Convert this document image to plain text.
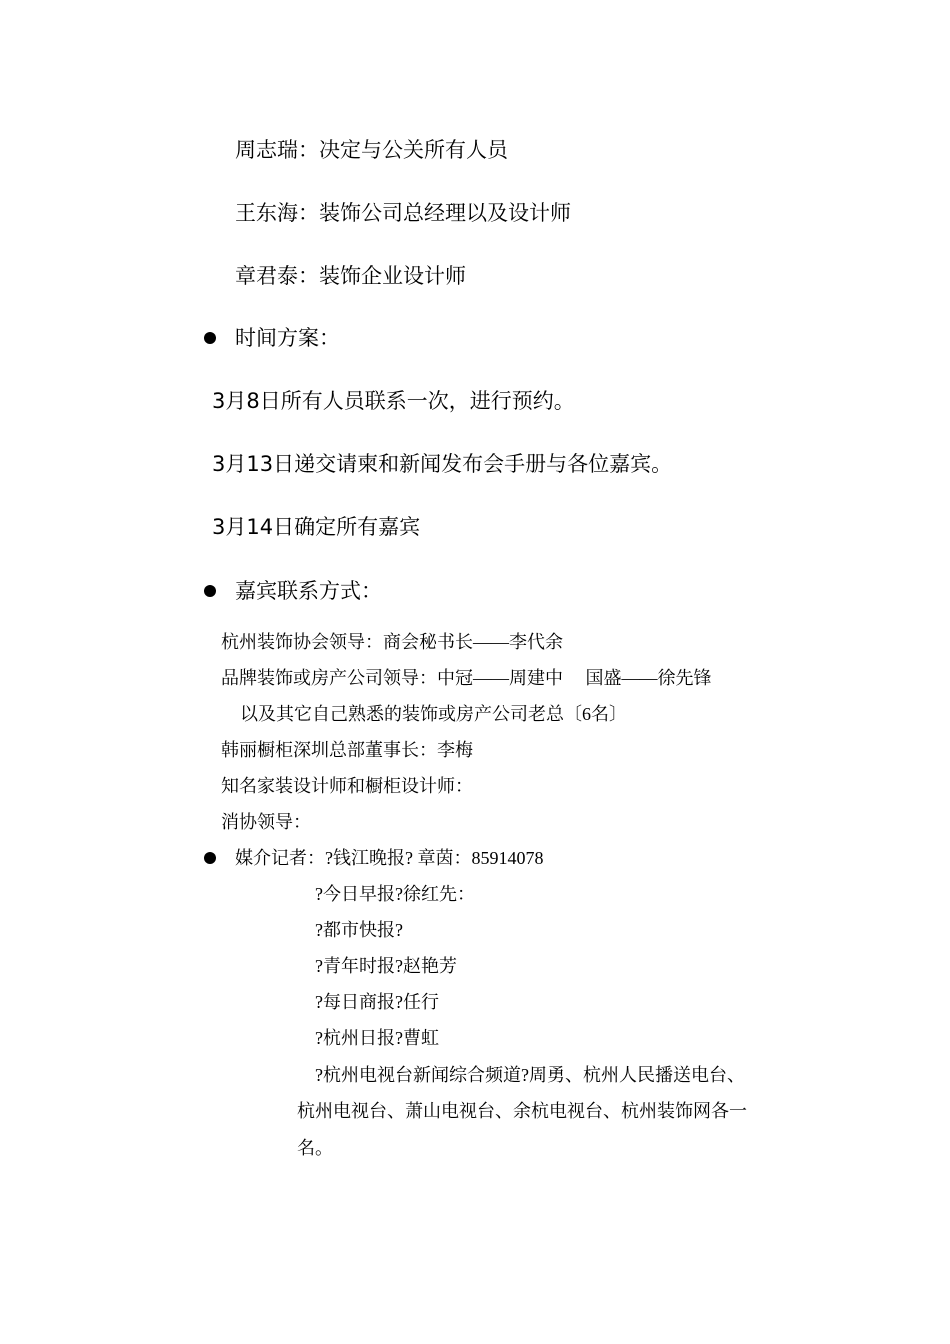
周志瑞：决定与公关所有人员
王东海：装饰公司总经理以及设计师
章君泰：装饰企业设计师
时间方案：
3月8日所有人员联系一次，进行预约。
3月13日递交请柬和新闻发布会手册与各位嘉宾。
3月14日确定所有嘉宾
嘉宾联系方式：
杭州装饰协会领导：商会秘书长——李代余
品牌装饰或房产公司领导：中冠——周建中　 国盛——徐先锋
以及其它自己熟悉的装饰或房产公司老总〔6名〕
韩丽橱柜深圳总部董事长：李梅
知名家装设计师和橱柜设计师：
消协领导：
媒介记者：?钱江晚报? 章茵：85914078
?今日早报?徐红先：
?都市快报?
?青年时报?赵艳芳
?每日商报?任行
?杭州日报?曹虹
?杭州电视台新闻综合频道?周勇、杭州人民播送电台、
杭州电视台、萧山电视台、余杭电视台、杭州装饰网各一
名。
